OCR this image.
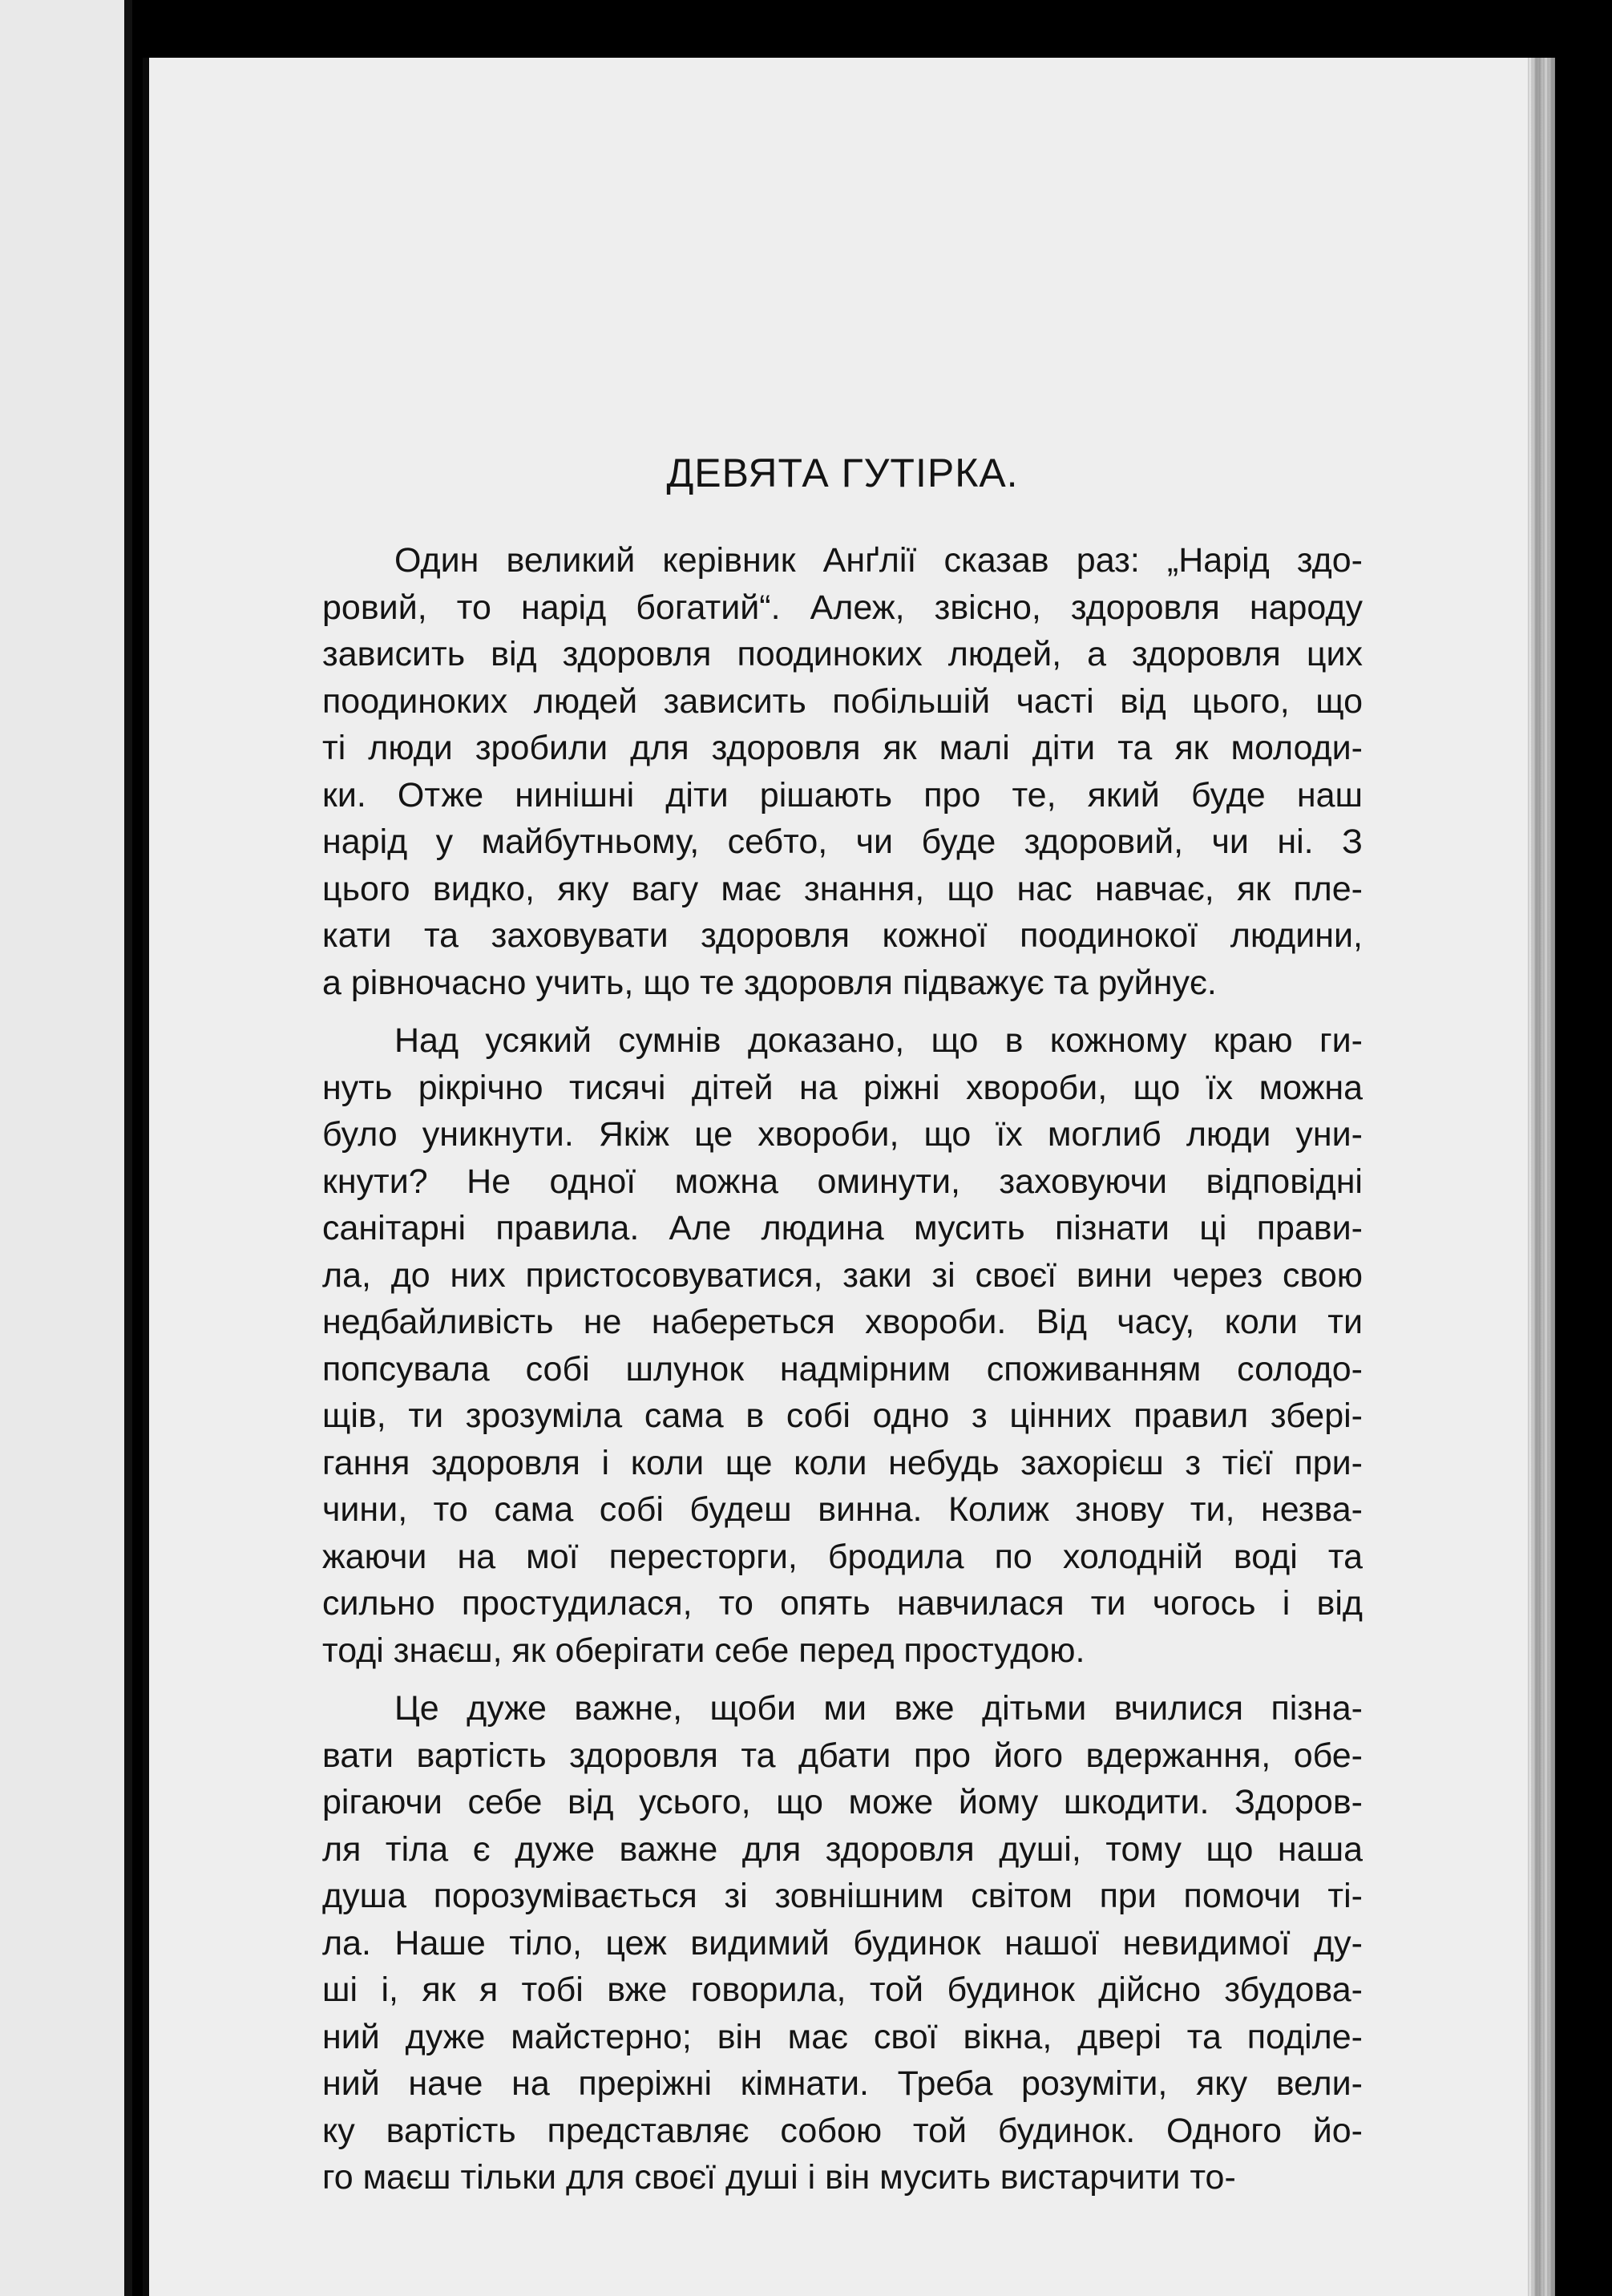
ДЕВЯТА ГУТІРКА.
Один великий керівник Анґлії сказав раз: „Нарід здо-
ровий, то нарід богатий“. Алеж, звісно, здоровля народу
зависить від здоровля поодиноких людей, а здоровля цих
поодиноких людей зависить побільшій часті від цього, що
ті люди зробили для здоровля як малі діти та як молоди-
ки. Отже нинішні діти рішають про те, який буде наш
нарід у майбутньому, себто, чи буде здоровий, чи ні. З
цього видко, яку вагу має знання, що нас навчає, як пле-
кати та заховувати здоровля кожної поодинокої людини,
а рівночасно учить, що те здоровля підважує та руйнує.
Над усякий сумнів доказано, що в кожному краю ги-
нуть рікрічно тисячі дітей на ріжні хвороби, що їх можна
було уникнути. Якіж це хвороби, що їх моглиб люди уни-
кнути? Не одної можна оминути, заховуючи відповідні
санітарні правила. Але людина мусить пізнати ці прави-
ла, до них пристосовуватися, заки зі своєї вини через свою
недбайливість не набереться хвороби. Від часу, коли ти
попсувала собі шлунок надмірним споживанням солодо-
щів, ти зрозуміла сама в собі одно з цінних правил збері-
гання здоровля і коли ще коли небудь захорієш з тієї при-
чини, то сама собі будеш винна. Колиж знову ти, незва-
жаючи на мої пересторги, бродила по холодній воді та
сильно простудилася, то опять навчилася ти чогось і від
тоді знаєш, як оберігати себе перед простудою.
Це дуже важне, щоби ми вже дітьми вчилися пізна-
вати вартість здоровля та дбати про його вдержання, обе-
рігаючи себе від усього, що може йому шкодити. Здоров-
ля тіла є дуже важне для здоровля душі, тому що наша
душа порозумівається зі зовнішним світом при помочи ті-
ла. Наше тіло, цеж видимий будинок нашої невидимої ду-
ші і, як я тобі вже говорила, той будинок дійсно збудова-
ний дуже майстерно; він має свої вікна, двері та поділе-
ний наче на преріжні кімнати. Треба розуміти, яку вели-
ку вартість представляє собою той будинок. Одного йо-
го маєш тільки для своєї душі і він мусить вистарчити то-
